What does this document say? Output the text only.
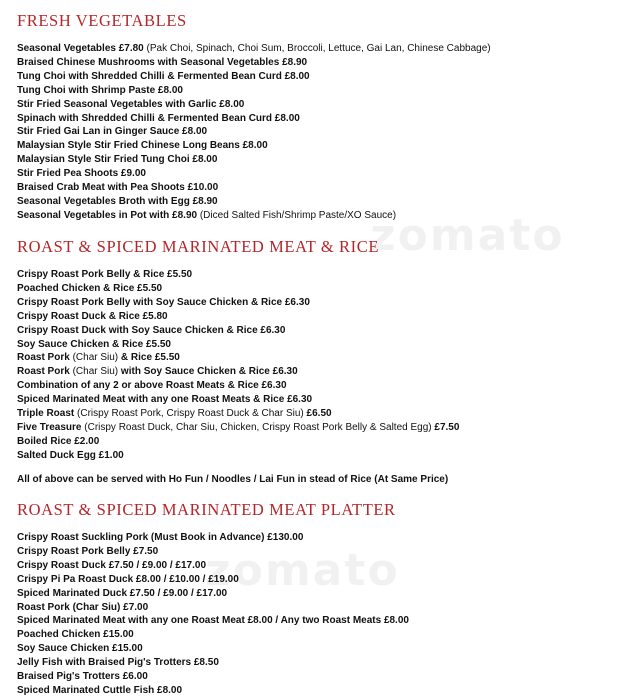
zomato
zomato
FRESH VEGETABLES
Seasonal Vegetables £7.80 (Pak Choi, Spinach, Choi Sum, Broccoli, Lettuce, Gai Lan, Chinese Cabbage)
Braised Chinese Mushrooms with Seasonal Vegetables £8.90
Tung Choi with Shredded Chilli & Fermented Bean Curd £8.00
Tung Choi with Shrimp Paste £8.00
Stir Fried Seasonal Vegetables with Garlic £8.00
Spinach with Shredded Chilli & Fermented Bean Curd £8.00
Stir Fried Gai Lan in Ginger Sauce £8.00
Malaysian Style Stir Fried Chinese Long Beans £8.00
Malaysian Style Stir Fried Tung Choi £8.00
Stir Fried Pea Shoots £9.00
Braised Crab Meat with Pea Shoots £10.00
Seasonal Vegetables Broth with Egg £8.90
Seasonal Vegetables in Pot with £8.90 (Diced Salted Fish/Shrimp Paste/XO Sauce)
ROAST & SPICED MARINATED MEAT & RICE
Crispy Roast Pork Belly & Rice £5.50
Poached Chicken & Rice £5.50
Crispy Roast Pork Belly with Soy Sauce Chicken & Rice £6.30
Crispy Roast Duck & Rice £5.80
Crispy Roast Duck with Soy Sauce Chicken & Rice £6.30
Soy Sauce Chicken & Rice £5.50
Roast Pork (Char Siu) & Rice £5.50
Roast Pork (Char Siu) with Soy Sauce Chicken & Rice £6.30
Combination of any 2 or above Roast Meats & Rice £6.30
Spiced Marinated Meat with any one Roast Meats & Rice £6.30
Triple Roast (Crispy Roast Pork, Crispy Roast Duck & Char Siu) £6.50
Five Treasure (Crispy Roast Duck, Char Siu, Chicken, Crispy Roast Pork Belly & Salted Egg) £7.50
Boiled Rice £2.00
Salted Duck Egg £1.00
All of above can be served with Ho Fun / Noodles / Lai Fun in stead of Rice (At Same Price)
ROAST & SPICED MARINATED MEAT PLATTER
Crispy Roast Suckling Pork (Must Book in Advance) £130.00
Crispy Roast Pork Belly £7.50
Crispy Roast Duck £7.50 / £9.00 / £17.00
Crispy Pi Pa Roast Duck £8.00 / £10.00 / £19.00
Spiced Marinated Duck £7.50 / £9.00 / £17.00
Roast Pork (Char Siu) £7.00
Spiced Marinated Meat with any one Roast Meat £8.00 / Any two Roast Meats £8.00
Poached Chicken £15.00
Soy Sauce Chicken £15.00
Jelly Fish with Braised Pig's Trotters £8.50
Braised Pig's Trotters £6.00
Spiced Marinated Cuttle Fish £8.00
